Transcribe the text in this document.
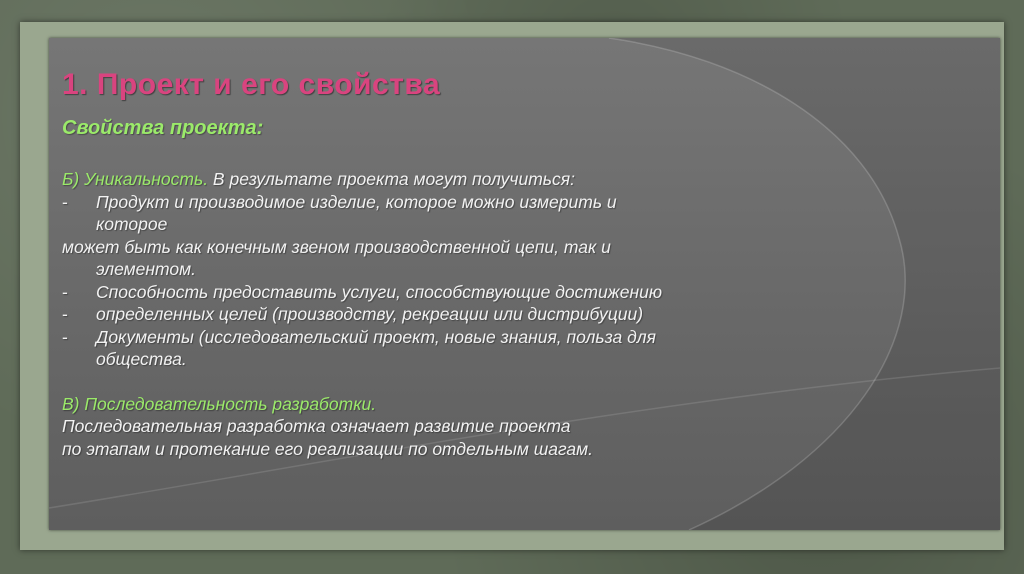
1. Проект и его свойства
Свойства проекта:
Б) Уникальность. В результате проекта могут получиться:
-	Продукт и производимое изделие, которое можно измерить и
которое
может быть как конечным звеном производственной цепи, так и
элементом.
-	Способность предоставить услуги, способствующие достижению
-	определенных целей (производству, рекреации или дистрибуции)
-	Документы (исследовательский проект, новые знания, польза для
общества.
В) Последовательность разработки.
Последовательная разработка означает развитие проекта
по этапам и протекание его реализации по отдельным шагам.
